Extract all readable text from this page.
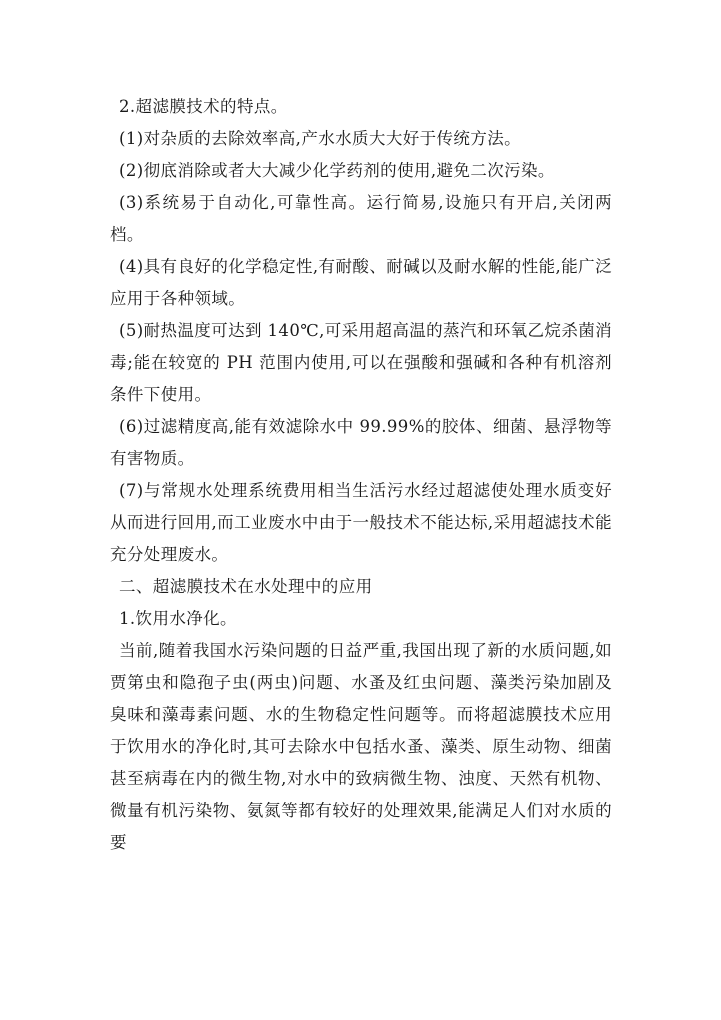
2.超滤膜技术的特点。

(1)对杂质的去除效率高,产水水质大大好于传统方法。

(2)彻底消除或者大大减少化学药剂的使用,避免二次污染。

(3)系统易于自动化,可靠性高。运行简易,设施只有开启,关闭两档。

(4)具有良好的化学稳定性,有耐酸、耐碱以及耐水解的性能,能广泛应用于各种领域。

(5)耐热温度可达到 140℃,可采用超高温的蒸汽和环氧乙烷杀菌消毒;能在较宽的 PH 范围内使用,可以在强酸和强碱和各种有机溶剂条件下使用。

(6)过滤精度高,能有效滤除水中 99.99%的胶体、细菌、悬浮物等有害物质。

(7)与常规水处理系统费用相当生活污水经过超滤使处理水质变好从而进行回用,而工业废水中由于一般技术不能达标,采用超滤技术能充分处理废水。

二、超滤膜技术在水处理中的应用

1.饮用水净化。

当前,随着我国水污染问题的日益严重,我国出现了新的水质问题,如贾第虫和隐孢子虫(两虫)问题、水蚤及红虫问题、藻类污染加剧及臭味和藻毒素问题、水的生物稳定性问题等。而将超滤膜技术应用于饮用水的净化时,其可去除水中包括水蚤、藻类、原生动物、细菌甚至病毒在内的微生物,对水中的致病微生物、浊度、天然有机物、微量有机污染物、氨氮等都有较好的处理效果,能满足人们对水质的要
